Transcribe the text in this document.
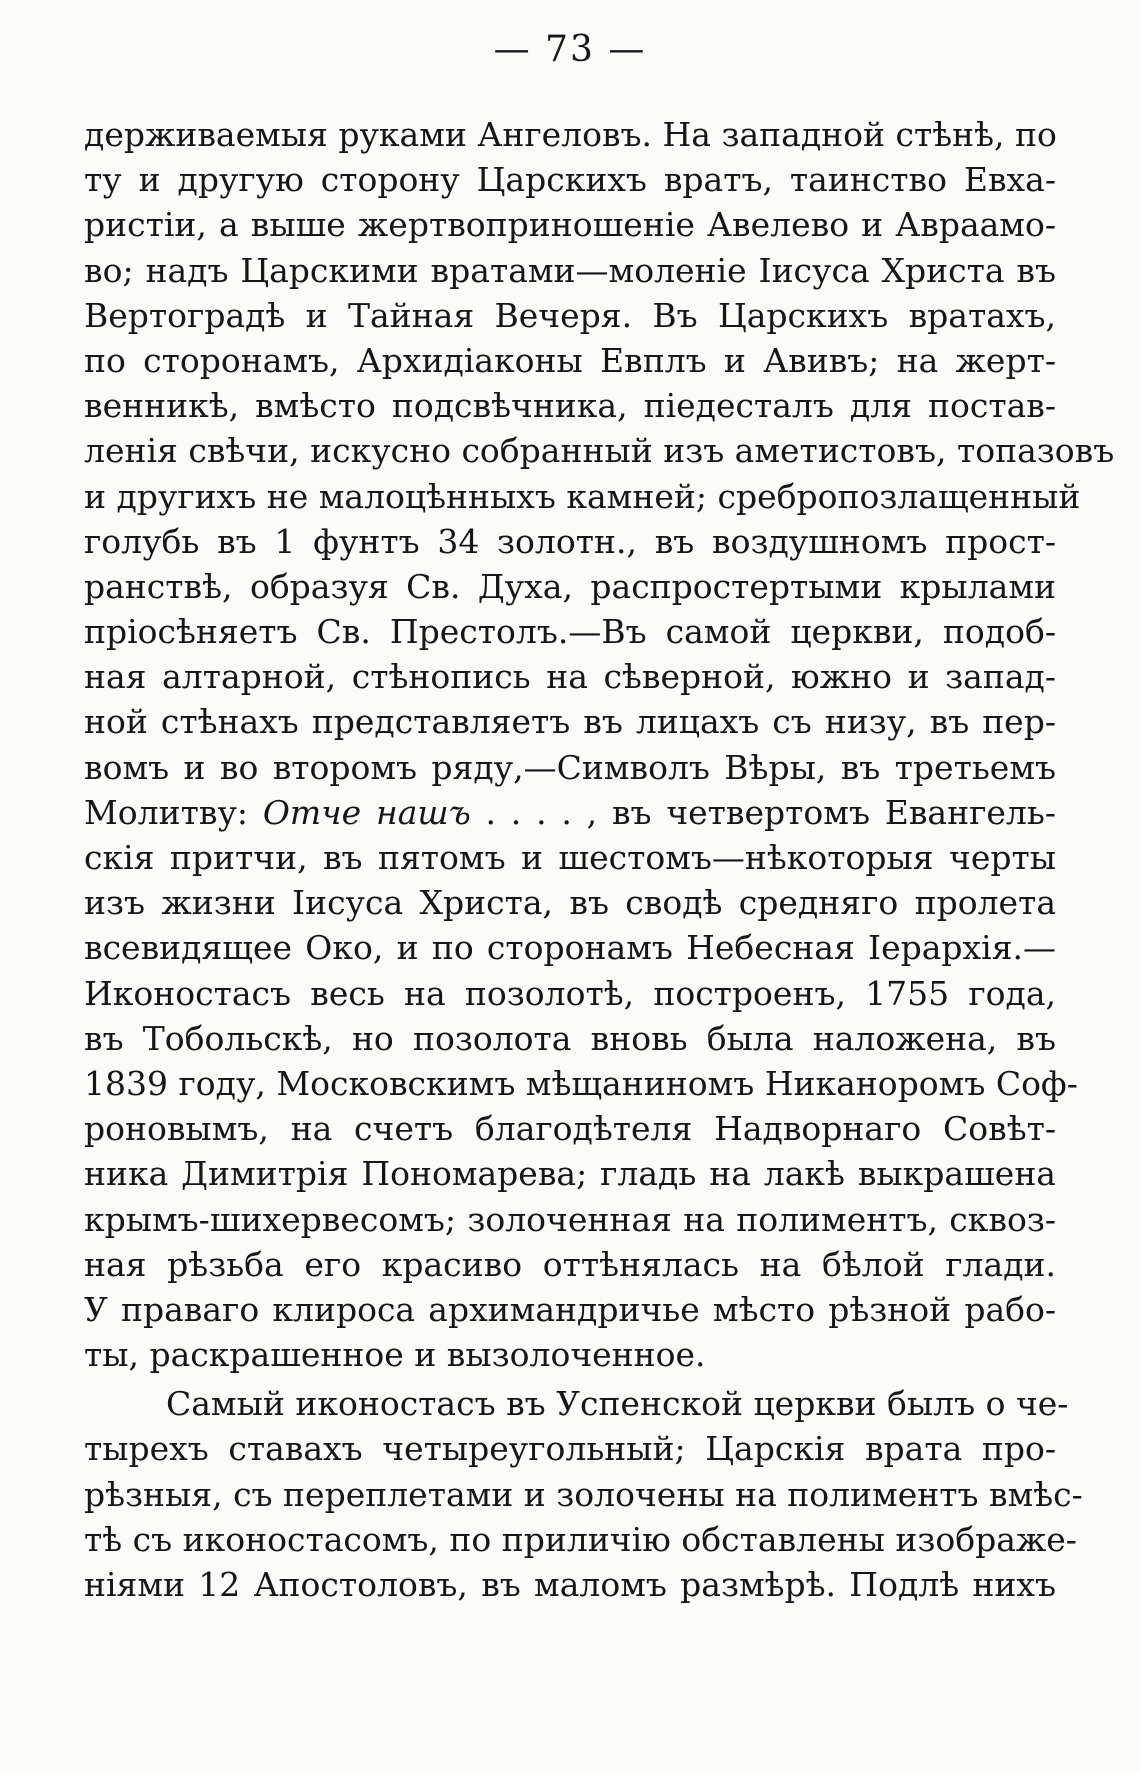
— 73 —
держиваемыя руками Ангеловъ. На западной стѣнѣ, по
ту и другую сторону Царскихъ вратъ, таинство Евха-
ристіи, а выше жертвоприношеніе Авелево и Авраамо-
во; надъ Царскими вратами—моленіе Іисуса Христа въ
Вертоградѣ и Тайная Вечеря. Въ Царскихъ вратахъ,
по сторонамъ, Архидіаконы Евплъ и Авивъ; на жерт-
венникѣ, вмѣсто подсвѣчника, піедесталъ для постав-
ленія свѣчи, искусно собранный изъ аметистовъ, топазовъ
и другихъ не малоцѣнныхъ камней; сребропозлащенный
голубь въ 1 фунтъ 34 золотн., въ воздушномъ прост-
ранствѣ, образуя Св. Духа, распростертыми крылами
пріосѣняетъ Св. Престолъ.—Въ самой церкви, подоб-
ная алтарной, стѣнопись на сѣверной, южно и запад-
ной стѣнахъ представляетъ въ лицахъ съ низу, въ пер-
вомъ и во второмъ ряду,—Символъ Вѣры, въ третьемъ
Молитву: Отче нашъ . . . . , въ четвертомъ Евангель-
скія притчи, въ пятомъ и шестомъ—нѣкоторыя черты
изъ жизни Іисуса Христа, въ сводѣ средняго пролета
всевидящее Око, и по сторонамъ Небесная Іерархія.—
Иконостасъ весь на позолотѣ, построенъ, 1755 года,
въ Тобольскѣ, но позолота вновь была наложена, въ
1839 году, Московскимъ мѣщаниномъ Никаноромъ Соф-
роновымъ, на счетъ благодѣтеля Надворнаго Совѣт-
ника Димитрія Пономарева; гладь на лакѣ выкрашена
крымъ-шихервесомъ; золоченная на полиментъ, сквоз-
ная рѣзьба его красиво оттѣнялась на бѣлой глади.
У праваго клироса архимандричье мѣсто рѣзной рабо-
ты, раскрашенное и вызолоченное.
Самый иконостасъ въ Успенской церкви былъ о че-
тырехъ ставахъ четыреугольный; Царскія врата про-
рѣзныя, съ переплетами и золочены на полиментъ вмѣс-
тѣ съ иконостасомъ, по приличію обставлены изображе-
ніями 12 Апостоловъ, въ маломъ размѣрѣ. Подлѣ нихъ
